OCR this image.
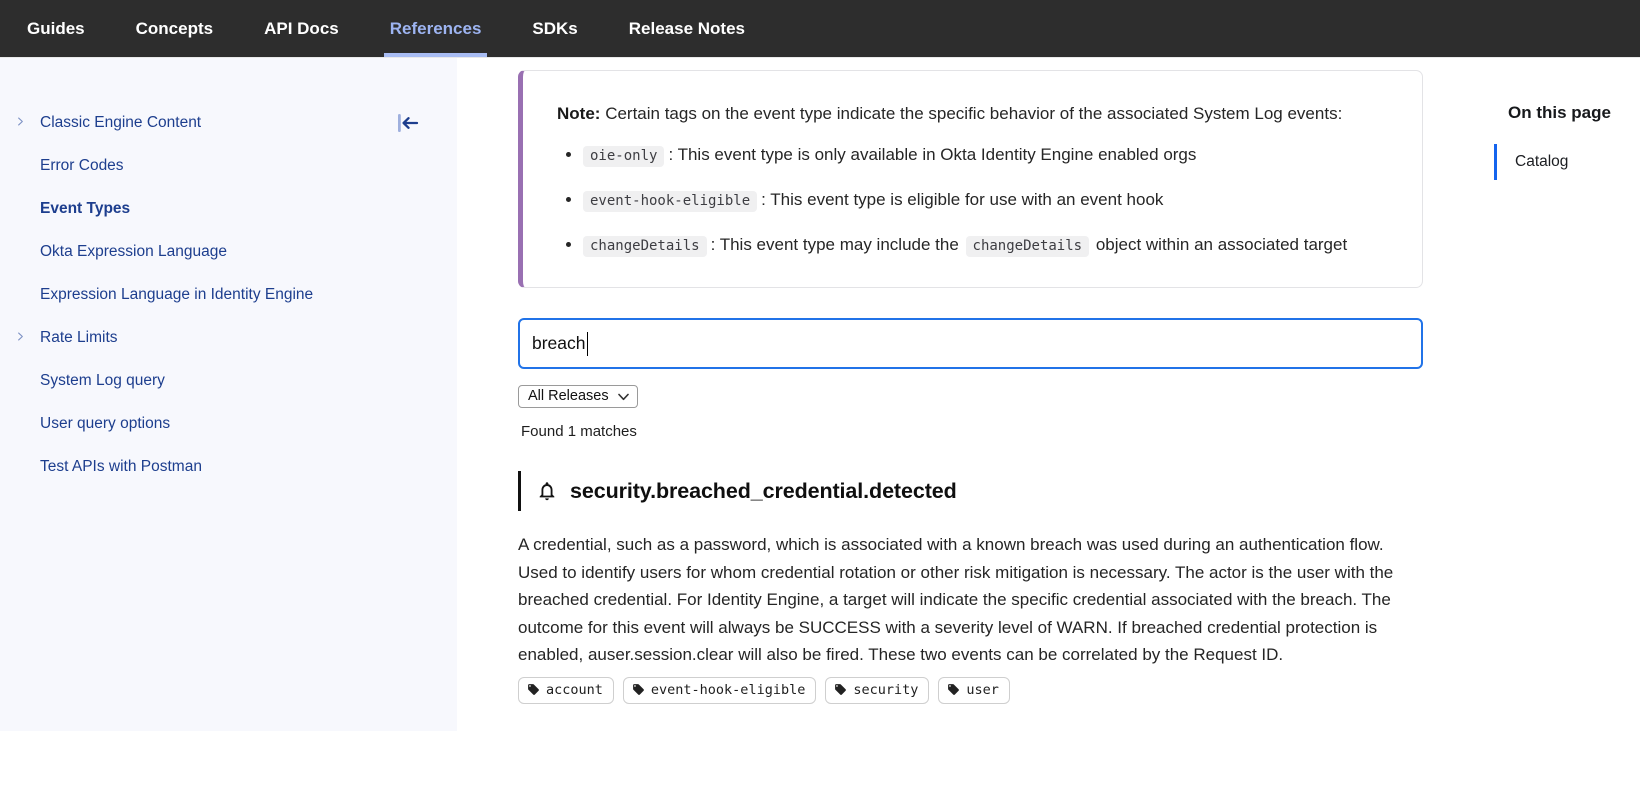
Guides	Concepts	API Docs	References	SDKs	Release Notes
Classic Engine Content
Error Codes
Event Types
Okta Expression Language
Expression Language in Identity Engine
Rate Limits
System Log query
User query options
Test APIs with Postman

Note: Certain tags on the event type indicate the specific behavior of the associated System Log events:

• oie-only : This event type is only available in Okta Identity Engine enabled orgs
• event-hook-eligible : This event type is eligible for use with an event hook
• changeDetails : This event type may include the changeDetails object within an associated target
breach
All Releases

Found 1 matches

security.breached_credential.detected

A credential, such as a password, which is associated with a known breach was used during an authentication flow. Used to identify users for whom credential rotation or other risk mitigation is necessary. The actor is the user with the breached credential. For Identity Engine, a target will indicate the specific credential associated with the breach. The outcome for this event will always be SUCCESS with a severity level of WARN. If breached credential protection is enabled, auser.session.clear will also be fired. These two events can be correlated by the Request ID.

account	event-hook-eligible	security	user
On this page
Catalog
